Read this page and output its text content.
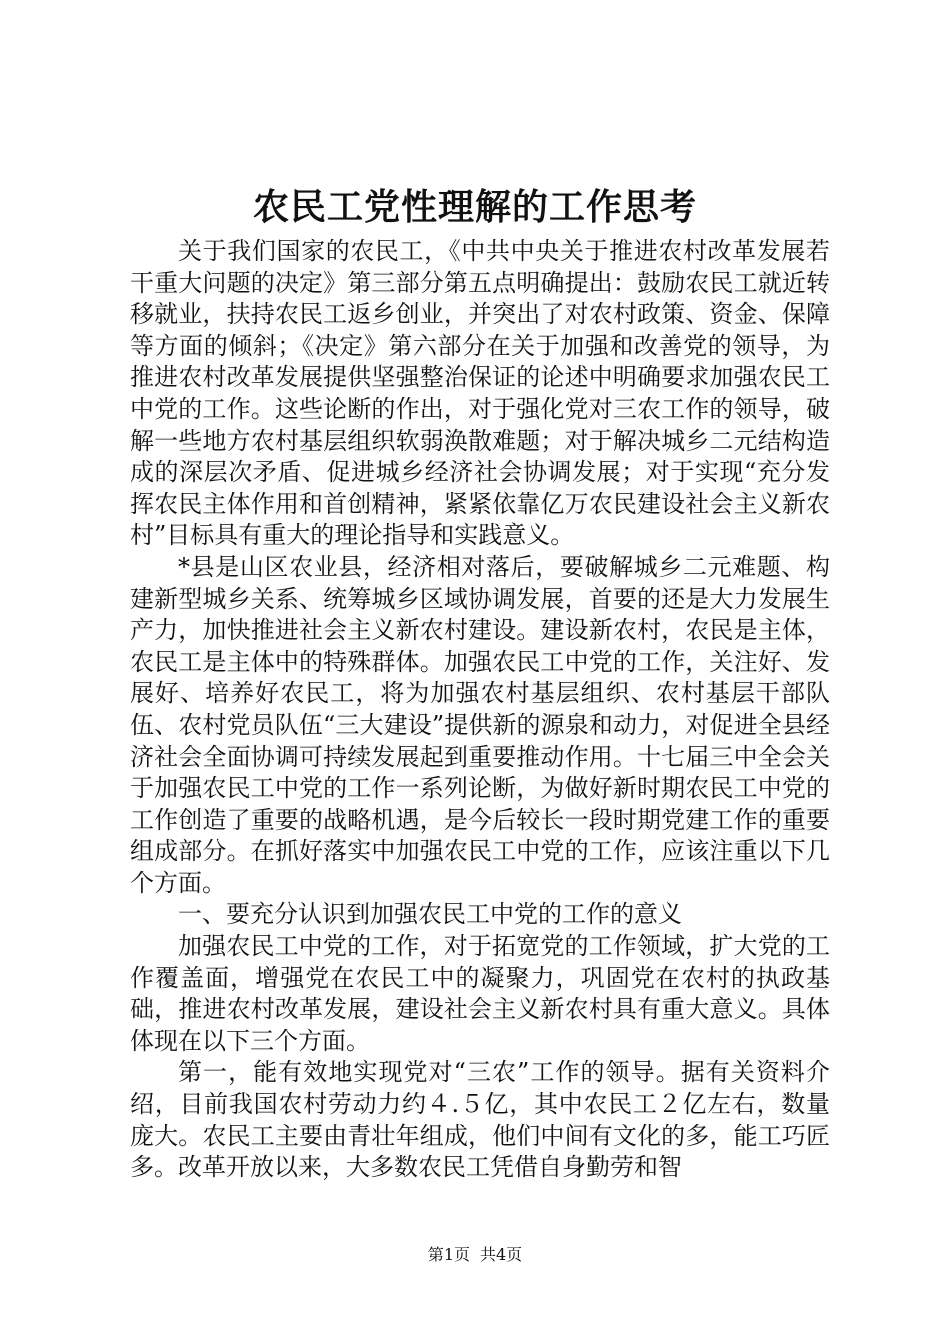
农民工党性理解的工作思考

关于我们国家的农民工，《中共中央关于推进农村改革发展若干重大问题的决定》第三部分第五点明确提出：鼓励农民工就近转移就业，扶持农民工返乡创业，并突出了对农村政策、资金、保障等方面的倾斜；《决定》第六部分在关于加强和改善党的领导，为推进农村改革发展提供坚强整治保证的论述中明确要求加强农民工中党的工作。这些论断的作出，对于强化党对三农工作的领导，破解一些地方农村基层组织软弱涣散难题；对于解决城乡二元结构造成的深层次矛盾、促进城乡经济社会协调发展；对于实现“充分发挥农民主体作用和首创精神，紧紧依靠亿万农民建设社会主义新农村”目标具有重大的理论指导和实践意义。

*县是山区农业县，经济相对落后，要破解城乡二元难题、构建新型城乡关系、统筹城乡区域协调发展，首要的还是大力发展生产力，加快推进社会主义新农村建设。建设新农村，农民是主体，农民工是主体中的特殊群体。加强农民工中党的工作，关注好、发展好、培养好农民工，将为加强农村基层组织、农村基层干部队伍、农村党员队伍“三大建设”提供新的源泉和动力，对促进全县经济社会全面协调可持续发展起到重要推动作用。十七届三中全会关于加强农民工中党的工作一系列论断，为做好新时期农民工中党的工作创造了重要的战略机遇，是今后较长一段时期党建工作的重要组成部分。在抓好落实中加强农民工中党的工作，应该注重以下几个方面。

一、要充分认识到加强农民工中党的工作的意义

加强农民工中党的工作，对于拓宽党的工作领域，扩大党的工作覆盖面，增强党在农民工中的凝聚力，巩固党在农村的执政基础，推进农村改革发展，建设社会主义新农村具有重大意义。具体体现在以下三个方面。

第一，能有效地实现党对“三农”工作的领导。据有关资料介绍，目前我国农村劳动力约４.５亿，其中农民工２亿左右，数量庞大。农民工主要由青壮年组成，他们中间有文化的多，能工巧匠多。改革开放以来，大多数农民工凭借自身勤劳和智

第1页 共4页
